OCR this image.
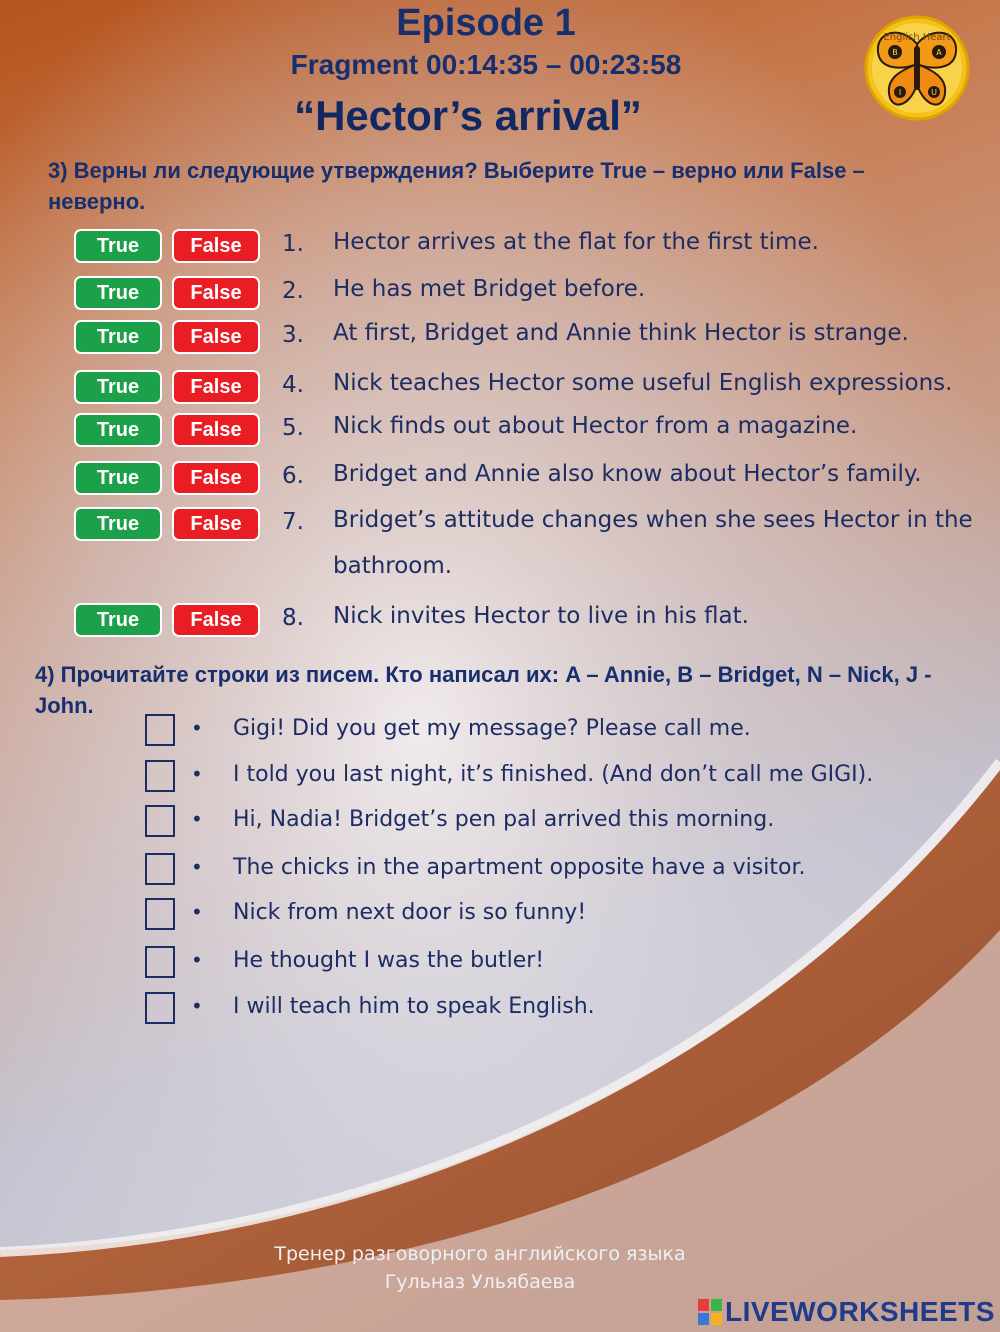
Episode 1
Fragment 00:14:35 – 00:23:58
“Hector’s arrival”
B	A
I	U
English Heart
3) Верны ли следующие утверждения? Выберите True – верно или False – неверно.
True	False	1. Hector arrives at the flat for the first time.
True	False	2. He has met Bridget before.
True	False	3. At first, Bridget and Annie think Hector is strange.
True	False	4. Nick teaches Hector some useful English expressions.
True	False	5. Nick finds out about Hector from a magazine.
True	False	6. Bridget and Annie also know about Hector’s family.
True	False	7. Bridget’s attitude changes when she sees Hector in the bathroom.
True	False	8. Nick invites Hector to live in his flat.
4) Прочитайте строки из писем. Кто написал их: A – Annie, B – Bridget, N – Nick, J - John.
• Gigi! Did you get my message? Please call me.
• I told you last night, it’s finished. (And don’t call me GIGI).
• Hi, Nadia! Bridget’s pen pal arrived this morning.
• The chicks in the apartment opposite have a visitor.
• Nick from next door is so funny!
• He thought I was the butler!
• I will teach him to speak English.
Тренер разговорного английского языка
Гульназ Ульябаева
LIVEWORKSHEETS
